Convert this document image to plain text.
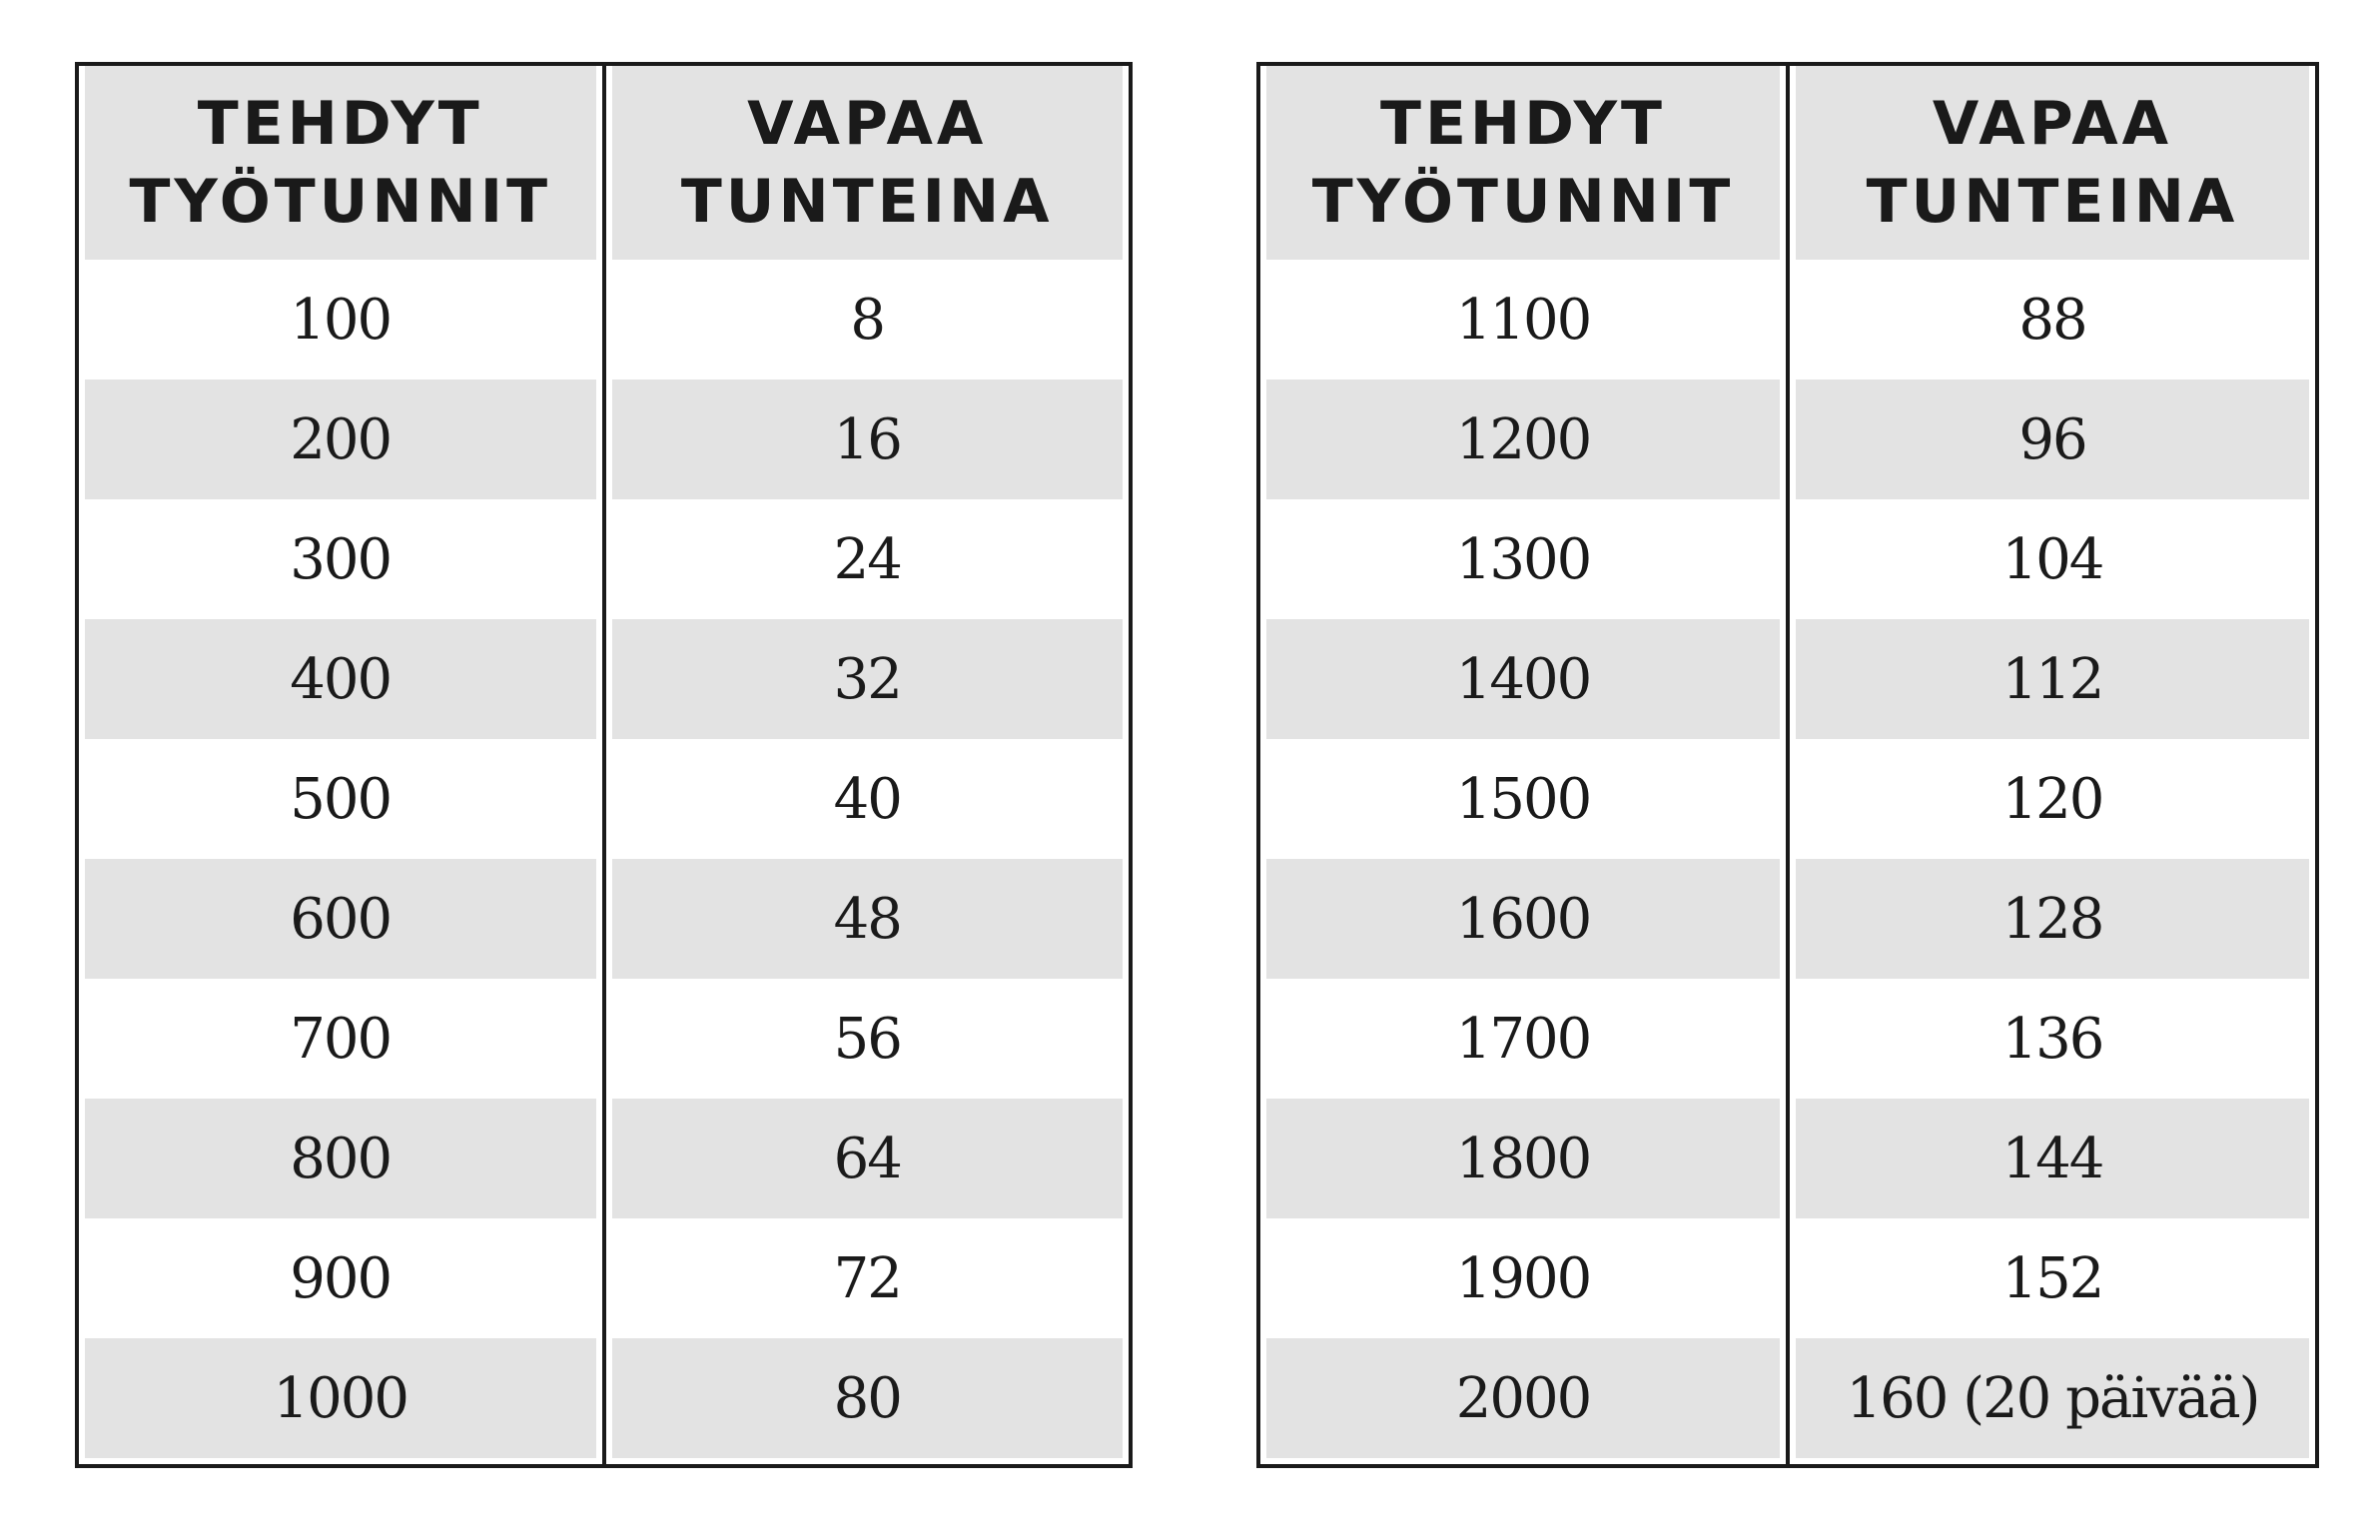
TEHDYT
TYÖTUNNIT
VAPAA
TUNTEINA
100	8
200	16
300	24
400	32
500	40
600	48
700	56
800	64
900	72
1000	80
TEHDYT
TYÖTUNNIT
VAPAA
TUNTEINA
1100	88
1200	96
1300	104
1400	112
1500	120
1600	128
1700	136
1800	144
1900	152
2000	160 (20 päivää)
